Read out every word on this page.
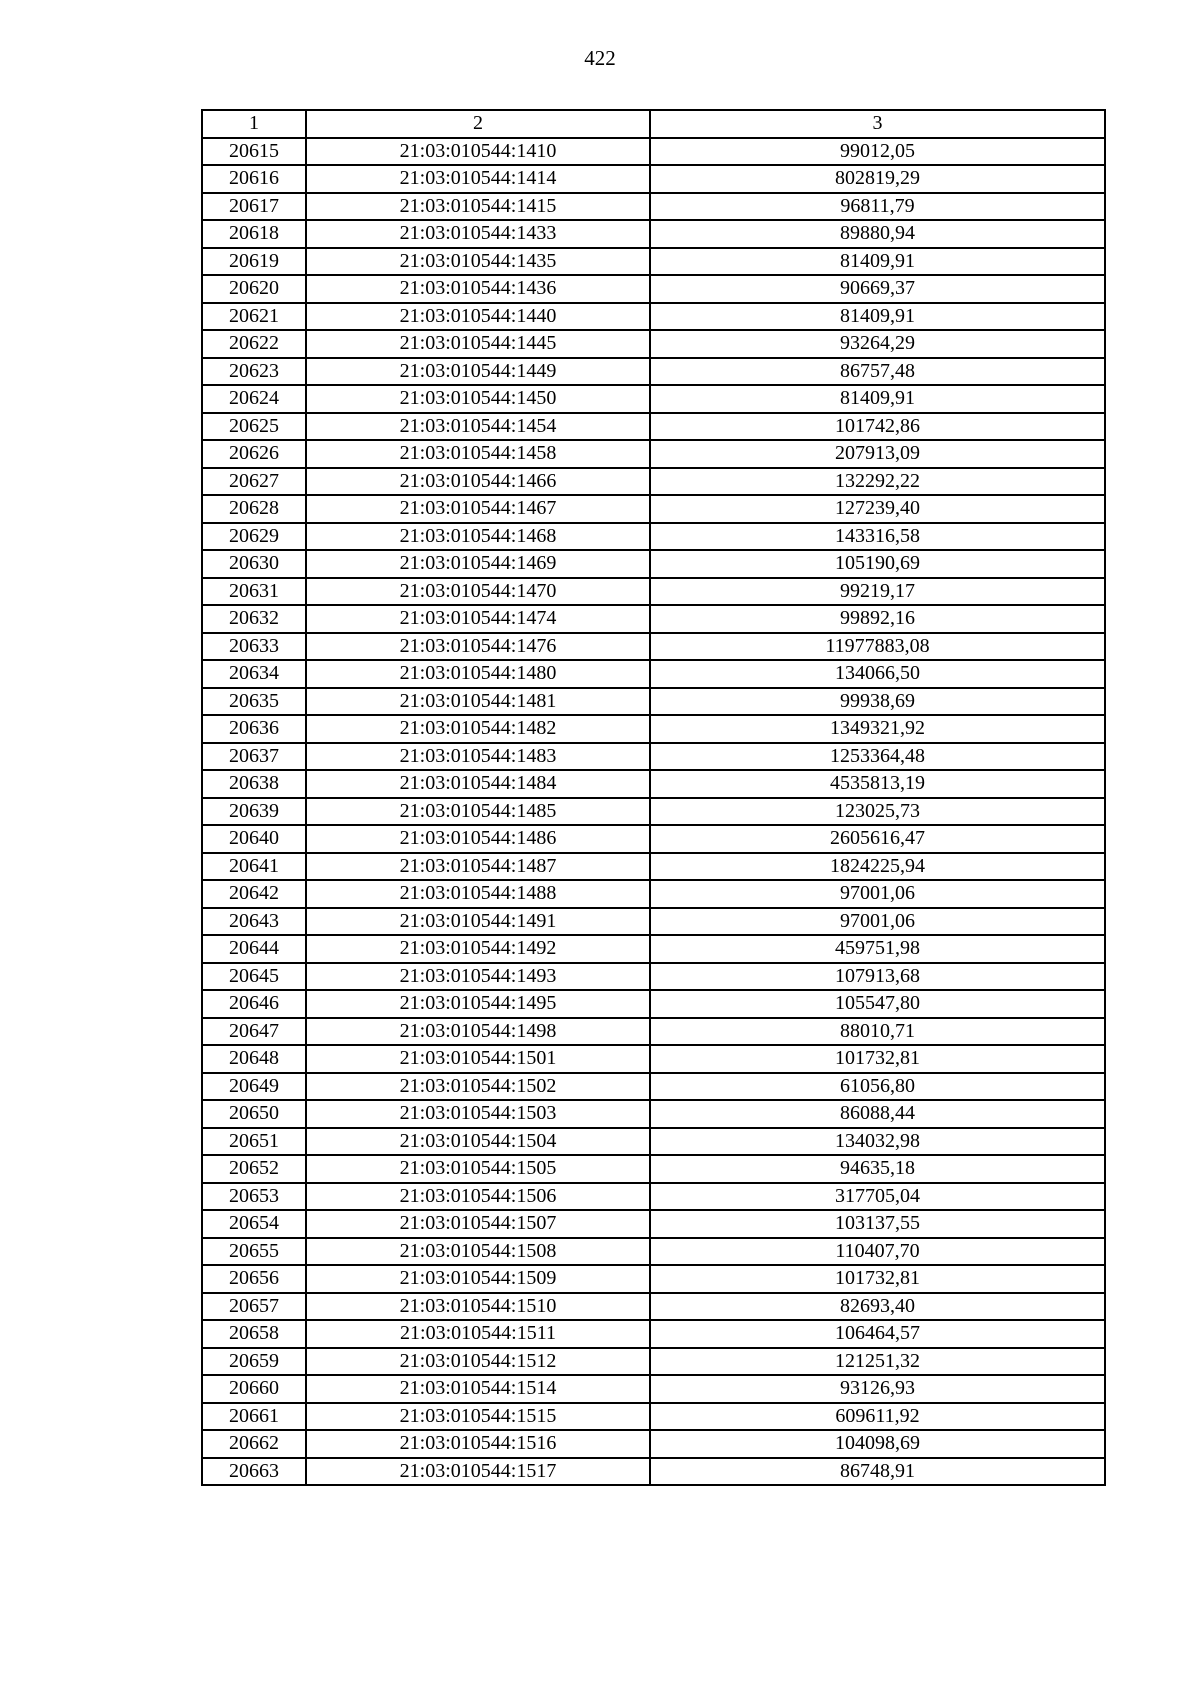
422
1	2	3
20615	21:03:010544:1410	99012,05
20616	21:03:010544:1414	802819,29
20617	21:03:010544:1415	96811,79
20618	21:03:010544:1433	89880,94
20619	21:03:010544:1435	81409,91
20620	21:03:010544:1436	90669,37
20621	21:03:010544:1440	81409,91
20622	21:03:010544:1445	93264,29
20623	21:03:010544:1449	86757,48
20624	21:03:010544:1450	81409,91
20625	21:03:010544:1454	101742,86
20626	21:03:010544:1458	207913,09
20627	21:03:010544:1466	132292,22
20628	21:03:010544:1467	127239,40
20629	21:03:010544:1468	143316,58
20630	21:03:010544:1469	105190,69
20631	21:03:010544:1470	99219,17
20632	21:03:010544:1474	99892,16
20633	21:03:010544:1476	11977883,08
20634	21:03:010544:1480	134066,50
20635	21:03:010544:1481	99938,69
20636	21:03:010544:1482	1349321,92
20637	21:03:010544:1483	1253364,48
20638	21:03:010544:1484	4535813,19
20639	21:03:010544:1485	123025,73
20640	21:03:010544:1486	2605616,47
20641	21:03:010544:1487	1824225,94
20642	21:03:010544:1488	97001,06
20643	21:03:010544:1491	97001,06
20644	21:03:010544:1492	459751,98
20645	21:03:010544:1493	107913,68
20646	21:03:010544:1495	105547,80
20647	21:03:010544:1498	88010,71
20648	21:03:010544:1501	101732,81
20649	21:03:010544:1502	61056,80
20650	21:03:010544:1503	86088,44
20651	21:03:010544:1504	134032,98
20652	21:03:010544:1505	94635,18
20653	21:03:010544:1506	317705,04
20654	21:03:010544:1507	103137,55
20655	21:03:010544:1508	110407,70
20656	21:03:010544:1509	101732,81
20657	21:03:010544:1510	82693,40
20658	21:03:010544:1511	106464,57
20659	21:03:010544:1512	121251,32
20660	21:03:010544:1514	93126,93
20661	21:03:010544:1515	609611,92
20662	21:03:010544:1516	104098,69
20663	21:03:010544:1517	86748,91
